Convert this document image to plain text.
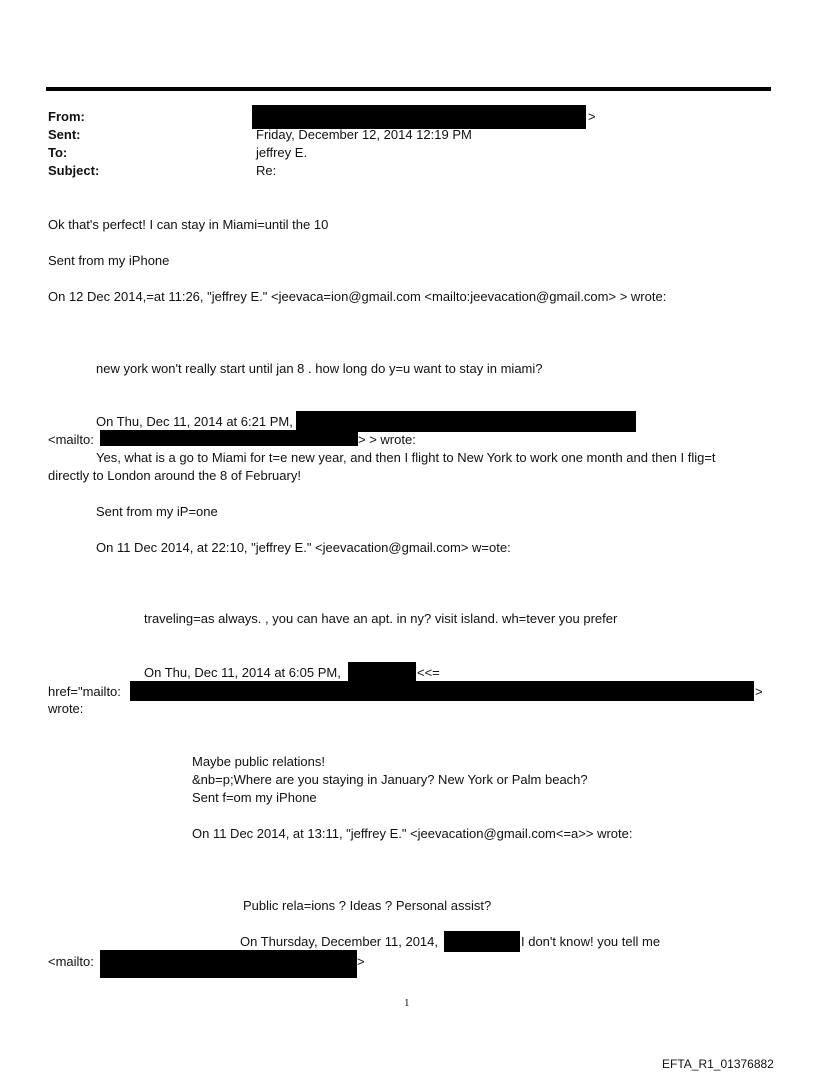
From:	>
Sent:	Friday, December 12, 2014 12:19 PM
To:	jeffrey E.
Subject:	Re:
Ok that's perfect! I can stay in Miami=until the 10
Sent from my iPhone
On 12 Dec 2014,=at 11:26, "jeffrey E." <jeevaca=ion@gmail.com <mailto:jeevacation@gmail.com> > wrote:
new york won't really start until jan 8 . how long do y=u want to stay in miami?
On Thu, Dec 11, 2014 at 6:21 PM,
<mailto:	> > wrote:
Yes, what is a go to Miami for t=e new year, and then I flight to New York to work one month and then I flig=t
directly to London around the 8 of February!
Sent from my iP=one
On 11 Dec 2014, at 22:10, "jeffrey E." <jeevacation@gmail.com> w=ote:
traveling=as always. , you can have an apt. in ny? visit island. wh=tever you prefer
On Thu, Dec 11, 2014 at 6:05 PM,	<<=
href="mailto:	>
wrote:
Maybe public relations!
&nb=p;Where are you staying in January? New York or Palm beach?
Sent f=om my iPhone
On 11 Dec 2014, at 13:11, "jeffrey E." <jeevacation@gmail.com<=a>> wrote:
Public rela=ions ? Ideas ? Personal assist?
On Thursday, December 11, 2014,	I don't know! you tell me
<mailto:	>
1
EFTA_R1_01376882
